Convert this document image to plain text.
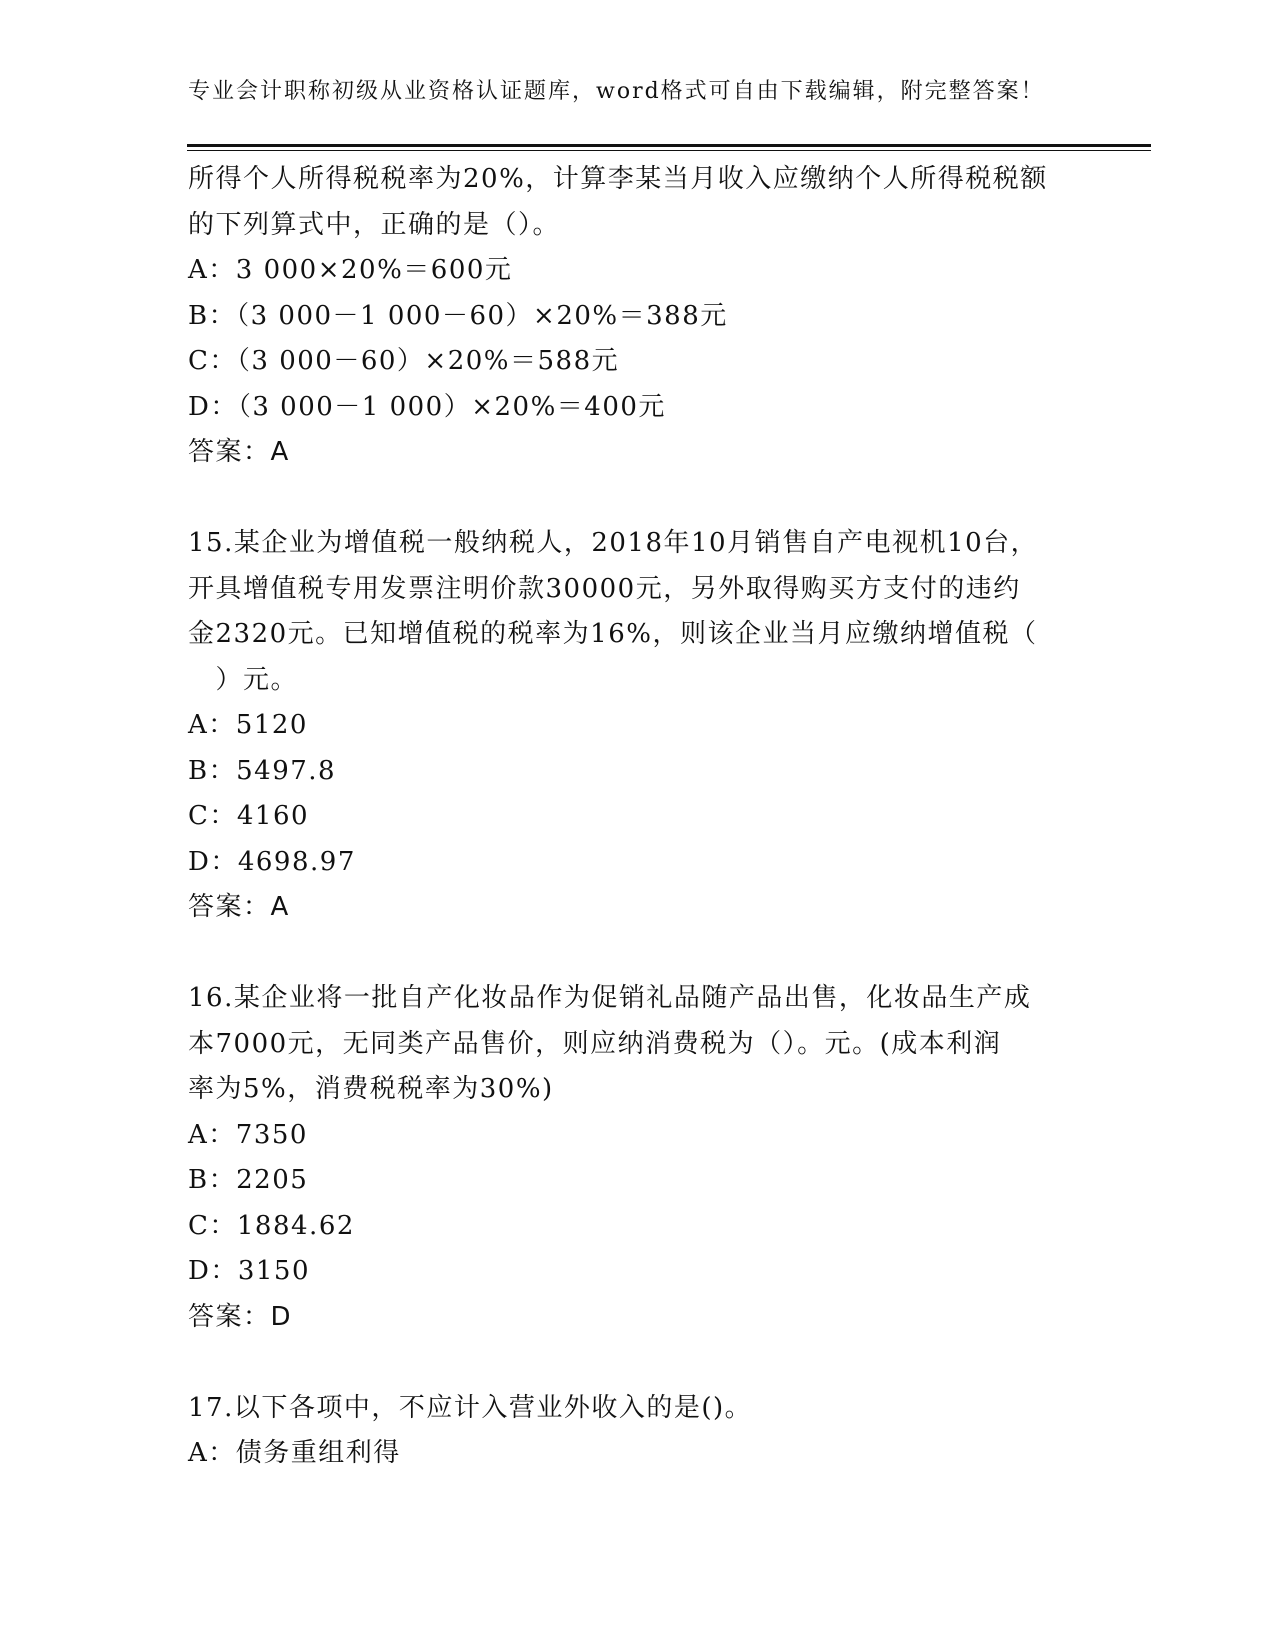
专业会计职称初级从业资格认证题库，word格式可自由下载编辑，附完整答案！
所得个人所得税税率为20%，计算李某当月收入应缴纳个人所得税税额
的下列算式中，正确的是（）。
A：3 000×20%＝600元
B：（3 000－1 000－60）×20%＝388元
C：（3 000－60）×20%＝588元
D：（3 000－1 000）×20%＝400元
答案：A
15.某企业为增值税一般纳税人，2018年10月销售自产电视机10台，
开具增值税专用发票注明价款30000元，另外取得购买方支付的违约
金2320元。已知增值税的税率为16%，则该企业当月应缴纳增值税（
　）元。
A：5120
B：5497.8
C：4160
D：4698.97
答案：A
16.某企业将一批自产化妆品作为促销礼品随产品出售，化妆品生产成
本7000元，无同类产品售价，则应纳消费税为（）。元。(成本利润
率为5%，消费税税率为30%)
A：7350
B：2205
C：1884.62
D：3150
答案：D
17.以下各项中，不应计入营业外收入的是()。
A：债务重组利得
